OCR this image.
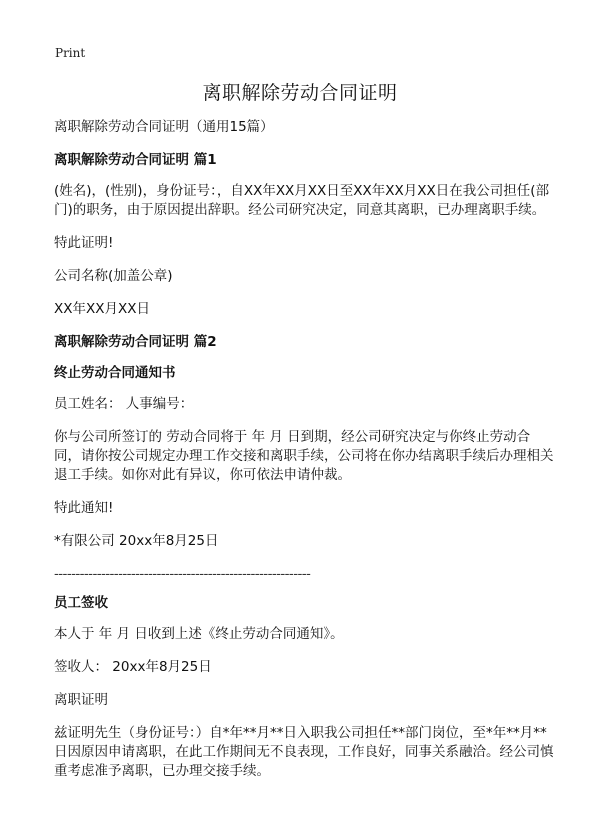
Print
离职解除劳动合同证明

离职解除劳动合同证明（通用15篇）

离职解除劳动合同证明 篇1

(姓名)，(性别)，身份证号：，自XX年XX月XX日至XX年XX月XX日在我公司担任(部门)的职务，由于原因提出辞职。经公司研究决定，同意其离职，已办理离职手续。

特此证明!

公司名称(加盖公章)

XX年XX月XX日

离职解除劳动合同证明 篇2

终止劳动合同通知书

员工姓名： 人事编号：

你与公司所签订的 劳动合同将于 年 月 日到期，经公司研究决定与你终止劳动合同，请你按公司规定办理工作交接和离职手续，公司将在你办结离职手续后办理相关退工手续。如你对此有异议，你可依法申请仲裁。

特此通知!

*有限公司 20xx年8月25日

------------------------------------------------------------

员工签收

本人于 年 月 日收到上述《终止劳动合同通知》。

签收人： 20xx年8月25日

离职证明

兹证明先生（身份证号：）自*年**月**日入职我公司担任**部门岗位，至*年**月**日因原因申请离职，在此工作期间无不良表现，工作良好，同事关系融洽。经公司慎重考虑准予离职，已办理交接手续。
